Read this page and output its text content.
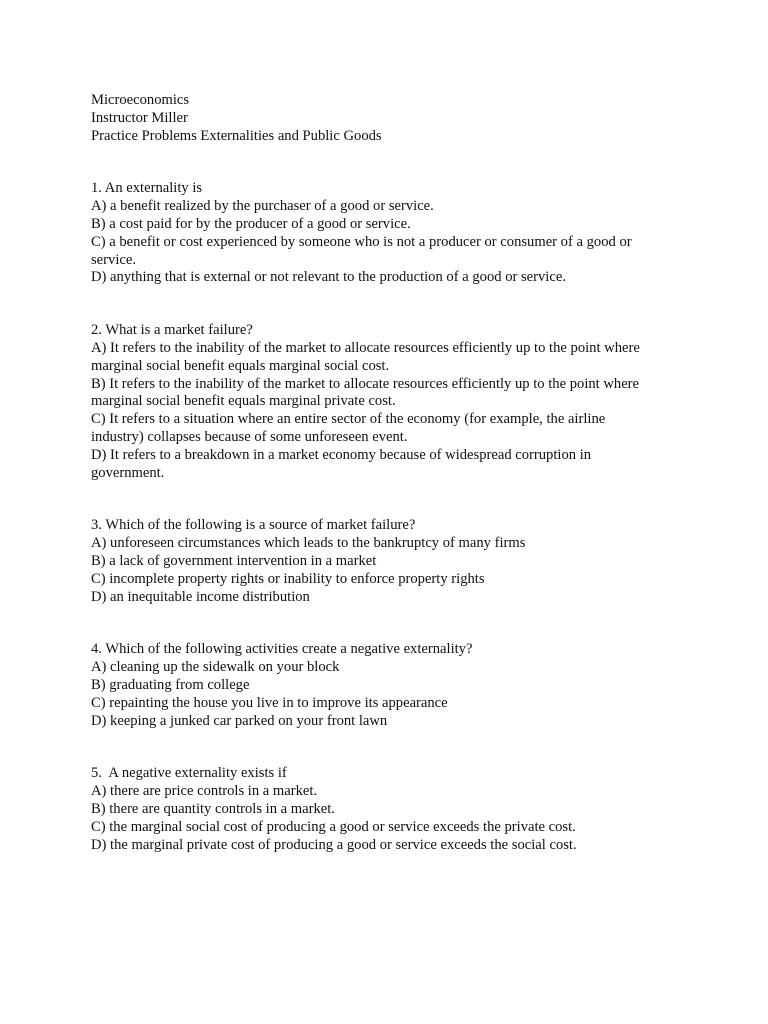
Microeconomics
Instructor Miller
Practice Problems Externalities and Public Goods
1. An externality is
A) a benefit realized by the purchaser of a good or service.
B) a cost paid for by the producer of a good or service.
C) a benefit or cost experienced by someone who is not a producer or consumer of a good or service.
D) anything that is external or not relevant to the production of a good or service.
2. What is a market failure?
A) It refers to the inability of the market to allocate resources efficiently up to the point where marginal social benefit equals marginal social cost.
B) It refers to the inability of the market to allocate resources efficiently up to the point where marginal social benefit equals marginal private cost.
C) It refers to a situation where an entire sector of the economy (for example, the airline industry) collapses because of some unforeseen event.
D) It refers to a breakdown in a market economy because of widespread corruption in government.
3. Which of the following is a source of market failure?
A) unforeseen circumstances which leads to the bankruptcy of many firms
B) a lack of government intervention in a market
C) incomplete property rights or inability to enforce property rights
D) an inequitable income distribution
4. Which of the following activities create a negative externality?
A) cleaning up the sidewalk on your block
B) graduating from college
C) repainting the house you live in to improve its appearance
D) keeping a junked car parked on your front lawn
5.  A negative externality exists if
A) there are price controls in a market.
B) there are quantity controls in a market.
C) the marginal social cost of producing a good or service exceeds the private cost.
D) the marginal private cost of producing a good or service exceeds the social cost.
